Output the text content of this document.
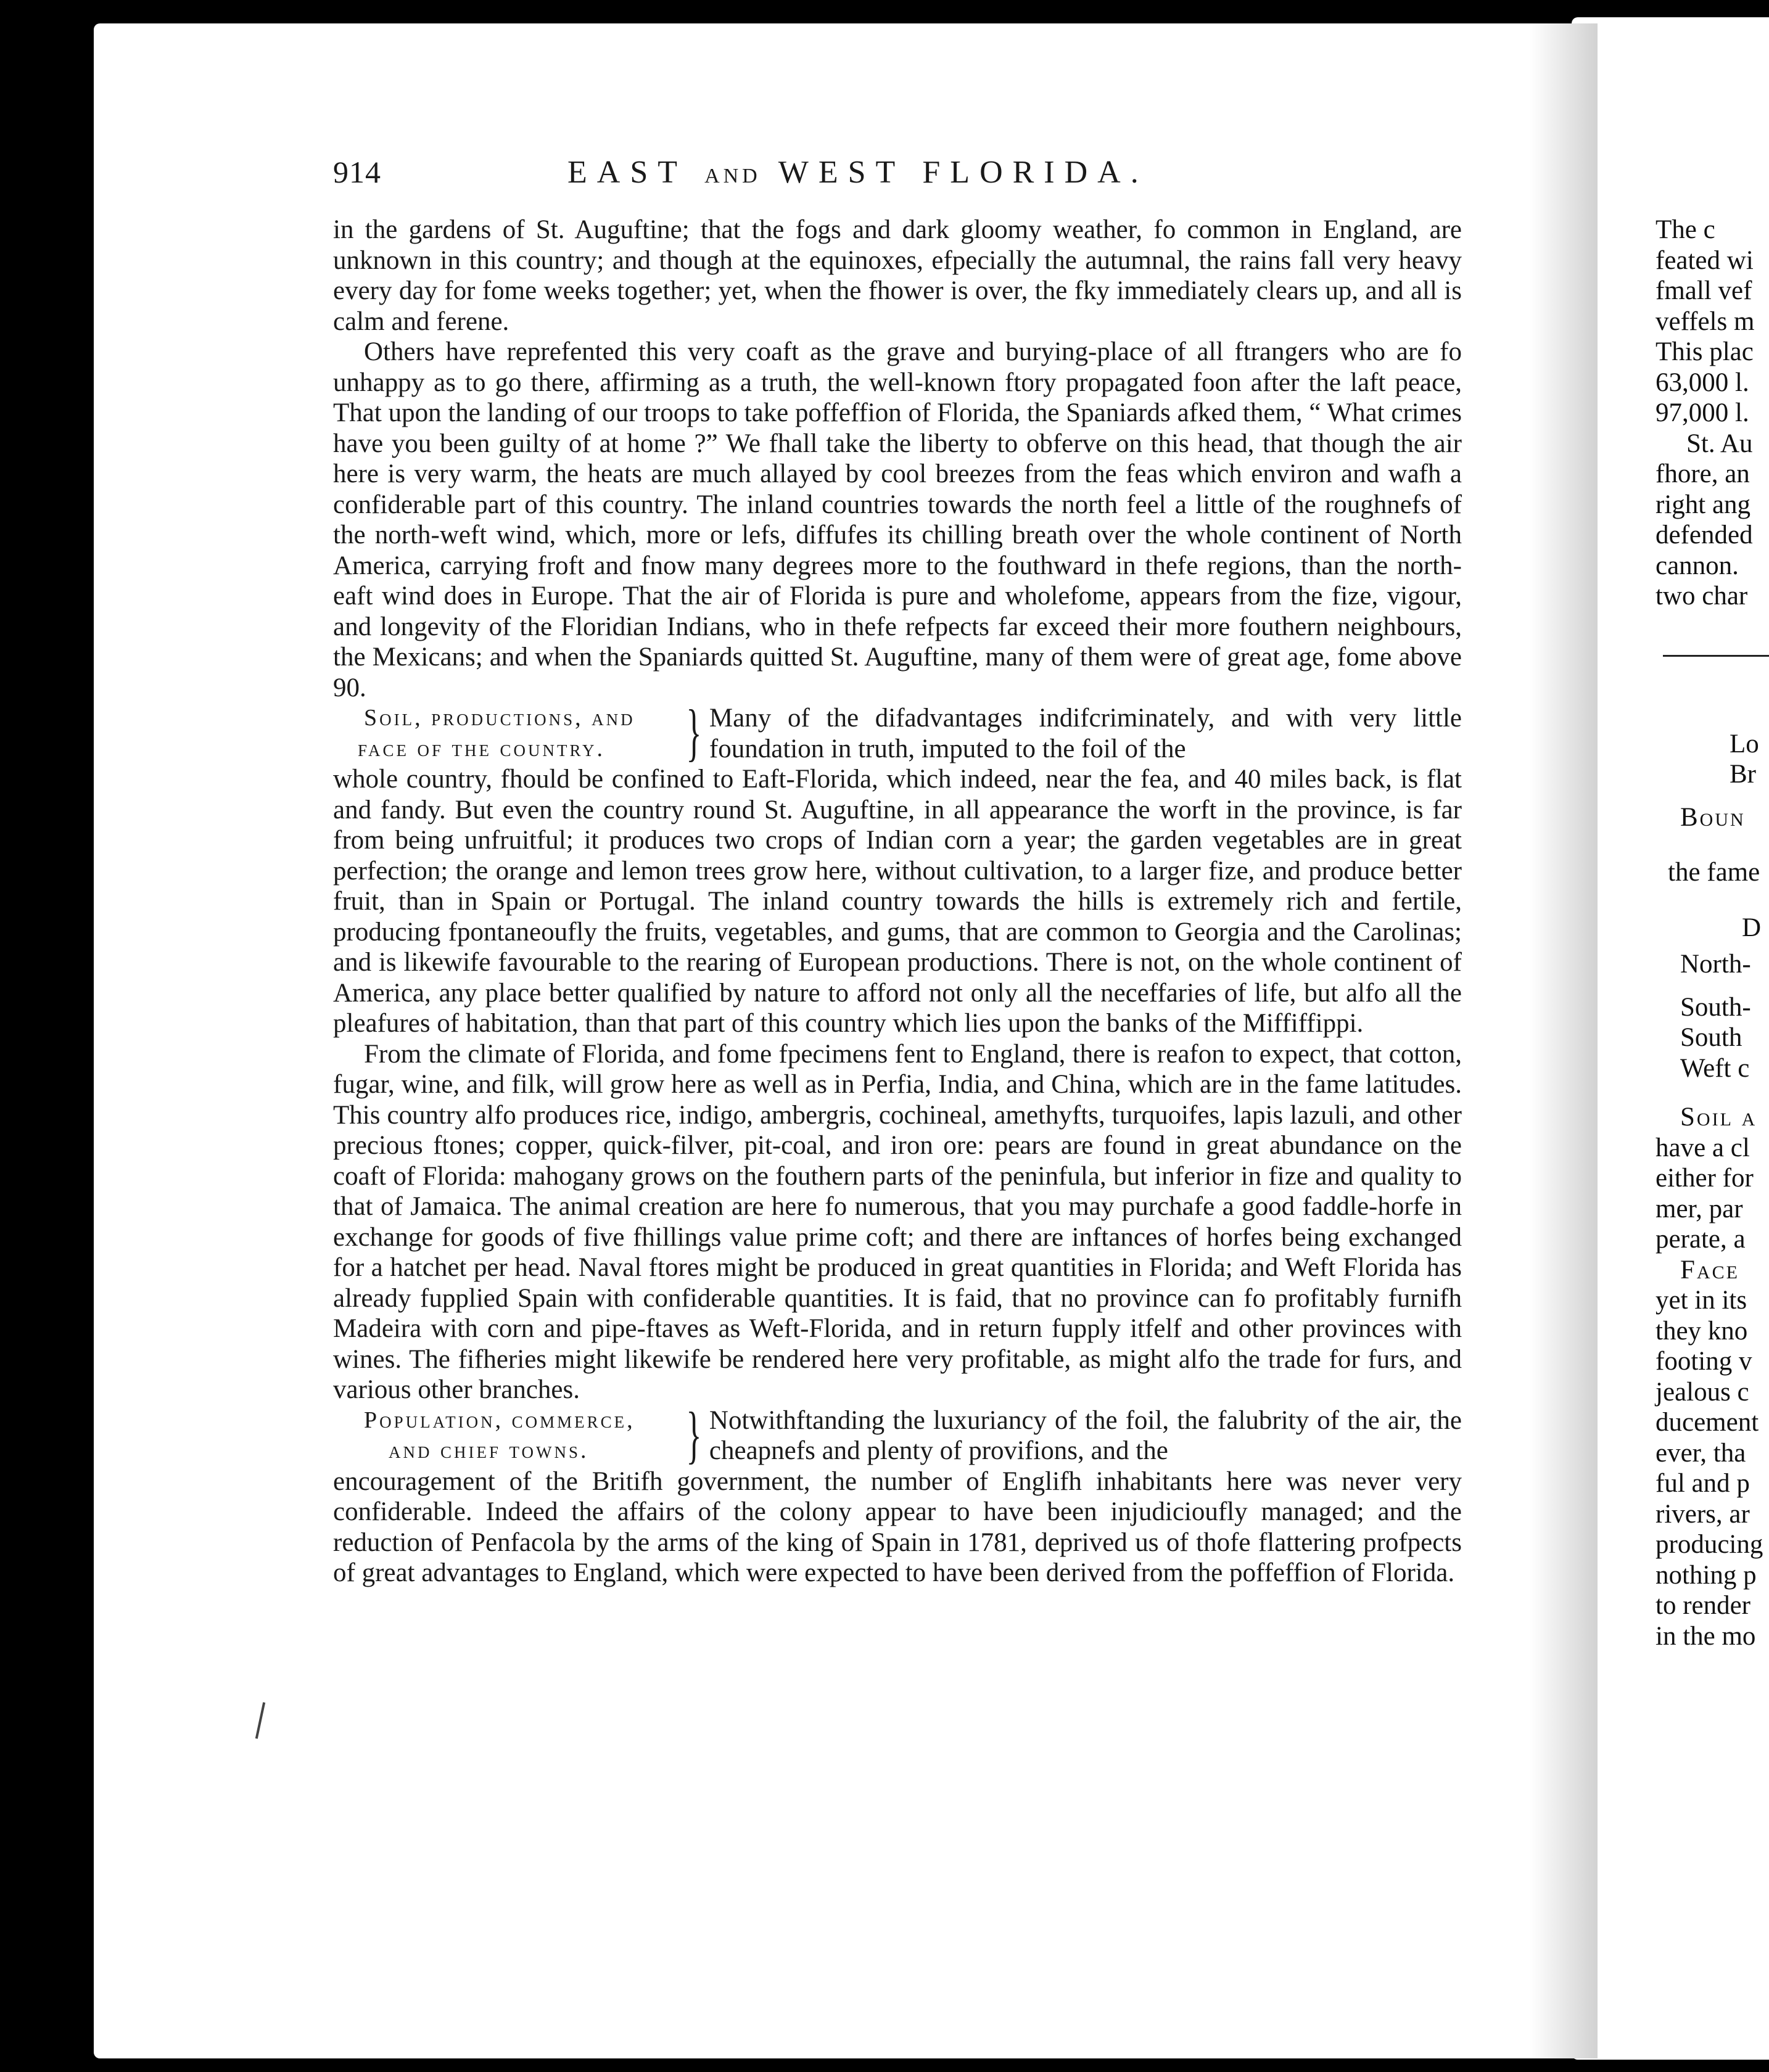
The c
feated wi
fmall vef
veffels m
This plac
63,000 l.
97,000 l.
St. Au
fhore, an
right ang
defended
cannon.
two char
Lo
Br
Boun
the fame
D
North-
South-
South
Weft c
Soil a
have a cl
either for
mer, par
perate, a
Face
yet in its
they kno
footing v
jealous c
ducement
ever, tha
ful and p
rivers, ar
producing
nothing p
to render
in the mo
914	EAST AND WEST FLORIDA.

in the gardens of St. Auguftine; that the fogs and dark gloomy weather, fo common in England, are unknown in this country; and though at the equinoxes, efpecially the autumnal, the rains fall very heavy every day for fome weeks together; yet, when the fhower is over, the fky immediately clears up, and all is calm and ferene.

Others have reprefented this very coaft as the grave and burying-place of all ftrangers who are fo unhappy as to go there, affirming as a truth, the well-known ftory propagated foon after the laft peace, That upon the landing of our troops to take poffeffion of Florida, the Spaniards afked them, “ What crimes have you been guilty of at home ?” We fhall take the liberty to obferve on this head, that though the air here is very warm, the heats are much allayed by cool breezes from the feas which environ and wafh a confiderable part of this country. The inland countries towards the north feel a little of the roughnefs of the north-weft wind, which, more or lefs, diffufes its chilling breath over the whole continent of North America, carrying froft and fnow many degrees more to the fouthward in thefe regions, than the north-eaft wind does in Europe. That the air of Florida is pure and wholefome, appears from the fize, vigour, and longevity of the Floridian Indians, who in thefe refpects far exceed their more fouthern neighbours, the Mexicans; and when the Spaniards quitted St. Auguftine, many of them were of great age, fome above 90.

Soil, productions, and
face of the country.	} Many of the difadvantages indifcriminately, and with very little foundation in truth, imputed to the foil of the

whole country, fhould be confined to Eaft-Florida, which indeed, near the fea, and 40 miles back, is flat and fandy. But even the country round St. Auguftine, in all appearance the worft in the province, is far from being unfruitful; it produces two crops of Indian corn a year; the garden vegetables are in great perfection; the orange and lemon trees grow here, without cultivation, to a larger fize, and produce better fruit, than in Spain or Portugal. The inland country towards the hills is extremely rich and fertile, producing fpontaneoufly the fruits, vegetables, and gums, that are common to Georgia and the Carolinas; and is likewife favourable to the rearing of European productions. There is not, on the whole continent of America, any place better qualified by nature to afford not only all the neceffaries of life, but alfo all the pleafures of habitation, than that part of this country which lies upon the banks of the Miffiffippi.

From the climate of Florida, and fome fpecimens fent to England, there is reafon to expect, that cotton, fugar, wine, and filk, will grow here as well as in Perfia, India, and China, which are in the fame latitudes. This country alfo produces rice, indigo, ambergris, cochineal, amethyfts, turquoifes, lapis lazuli, and other precious ftones; copper, quick-filver, pit-coal, and iron ore: pears are found in great abundance on the coaft of Florida: mahogany grows on the fouthern parts of the peninfula, but inferior in fize and quality to that of Jamaica. The animal creation are here fo numerous, that you may purchafe a good faddle-horfe in exchange for goods of five fhillings value prime coft; and there are inftances of horfes being exchanged for a hatchet per head. Naval ftores might be produced in great quantities in Florida; and Weft Florida has already fupplied Spain with confiderable quantities. It is faid, that no province can fo profitably furnifh Madeira with corn and pipe-ftaves as Weft-Florida, and in return fupply itfelf and other provinces with wines. The fifheries might likewife be rendered here very profitable, as might alfo the trade for furs, and various other branches.

Population, commerce,
and chief towns.	} Notwithftanding the luxuriancy of the foil, the falubrity of the air, the cheapnefs and plenty of provifions, and the

encouragement of the Britifh government, the number of Englifh inhabitants here was never very confiderable. Indeed the affairs of the colony appear to have been injudicioufly managed; and the reduction of Penfacola by the arms of the king of Spain in 1781, deprived us of thofe flattering profpects of great advantages to England, which were expected to have been derived from the poffeffion of Florida.
